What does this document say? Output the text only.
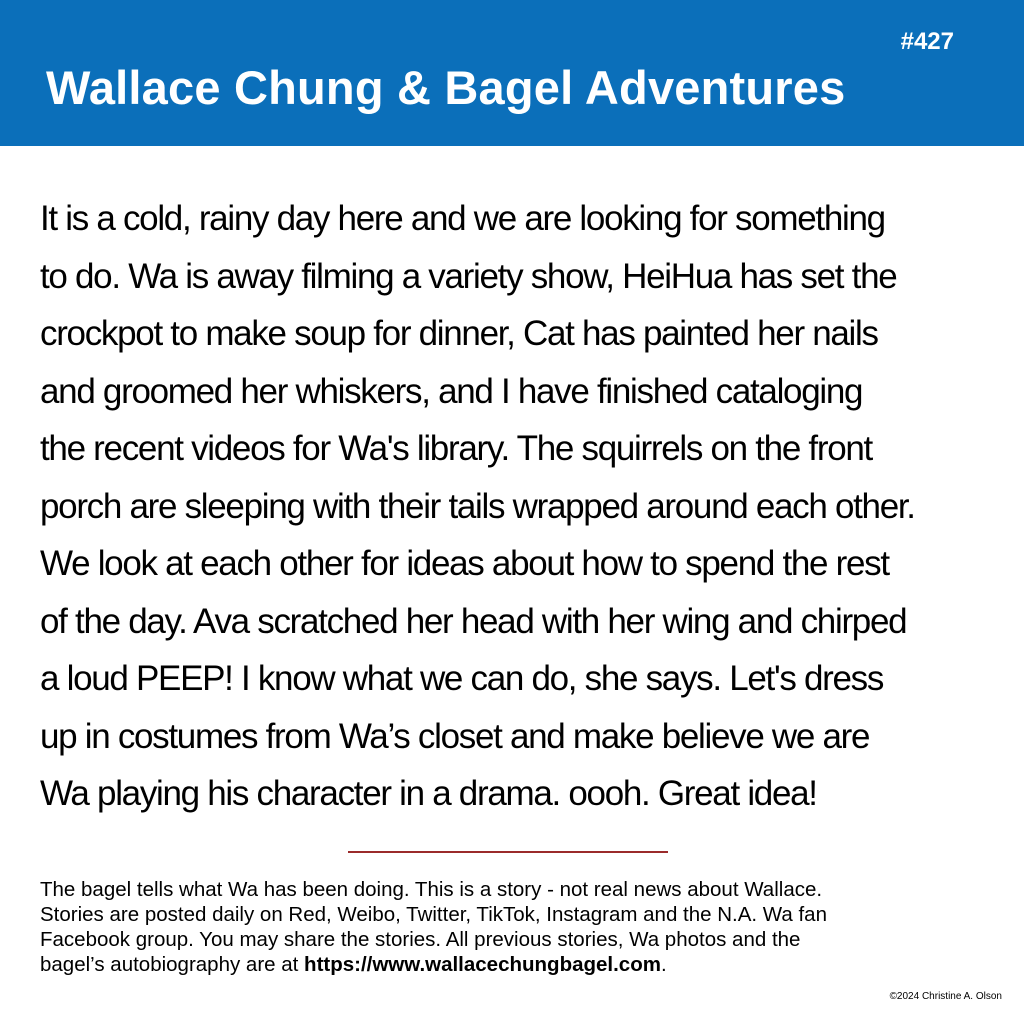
#427
Wallace Chung & Bagel Adventures
It is a cold, rainy day here and we are looking for something
to do. Wa is away filming a variety show, HeiHua has set the
crockpot to make soup for dinner, Cat has painted her nails
and groomed her whiskers, and I have finished cataloging
the recent videos for Wa's library. The squirrels on the front
porch are sleeping with their tails wrapped around each other.
We look at each other for ideas about how to spend the rest
of the day. Ava scratched her head with her wing and chirped
a loud PEEP! I know what we can do, she says. Let's dress
up in costumes from Wa’s closet and make believe we are
Wa playing his character in a drama. oooh. Great idea!
The bagel tells what Wa has been doing. This is a story - not real news about Wallace.
Stories are posted daily on Red, Weibo, Twitter, TikTok, Instagram and the N.A. Wa fan
Facebook group. You may share the stories. All previous stories, Wa photos and the
bagel’s autobiography are at https://www.wallacechungbagel.com.
©2024 Christine A. Olson
